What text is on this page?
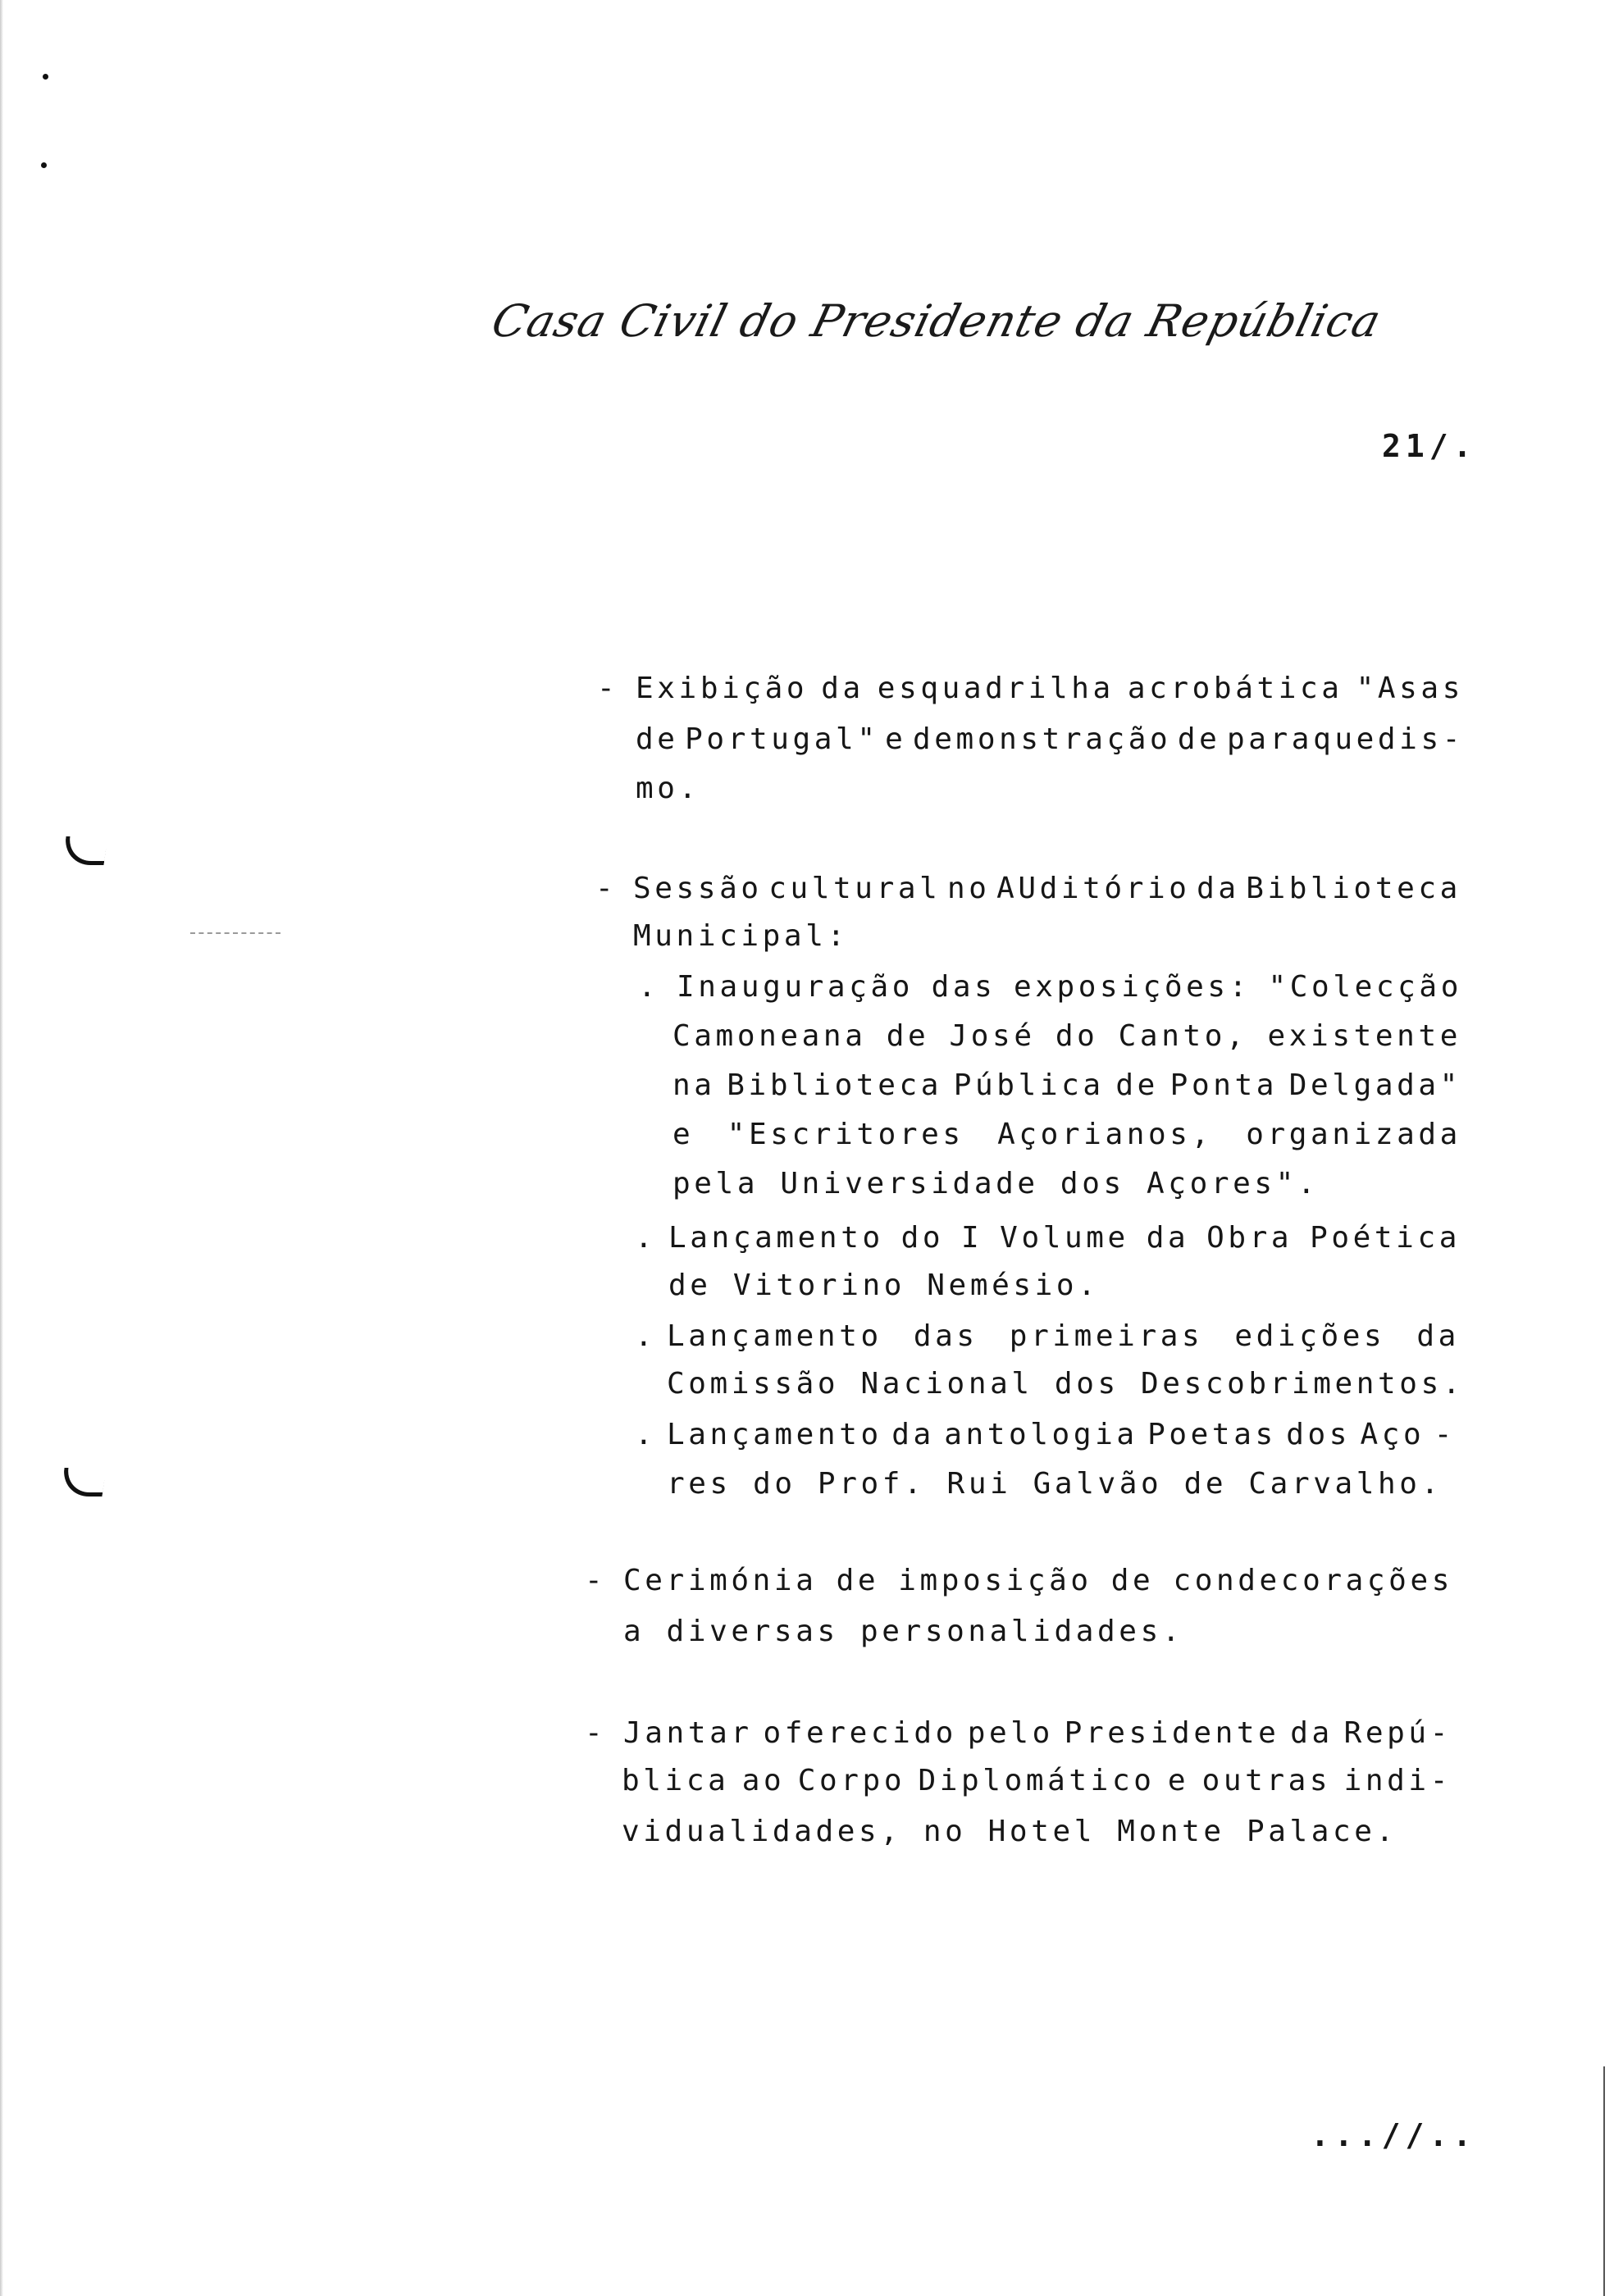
Casa Civil do Presidente da República
21/.
- Exibição da esquadrilha acrobática "Asas
de Portugal" e demonstração de paraquedis-
mo.
- Sessão cultural no AUditório da Biblioteca
Municipal:
. Inauguração das exposições: "Colecção
Camoneana de José do Canto, existente
na Biblioteca Pública de Ponta Delgada"
e "Escritores Açorianos, organizada
pela Universidade dos Açores".
. Lançamento do I Volume da Obra Poética
de Vitorino Nemésio.
. Lançamento das primeiras edições da
Comissão Nacional dos Descobrimentos.
. Lançamento da antologia Poetas dos Aço -
res do Prof. Rui Galvão de Carvalho.
- Cerimónia de imposição de condecorações
a diversas personalidades.
- Jantar oferecido pelo Presidente da Repú-
blica ao Corpo Diplomático e outras indi-
vidualidades, no Hotel Monte Palace.
...//..
